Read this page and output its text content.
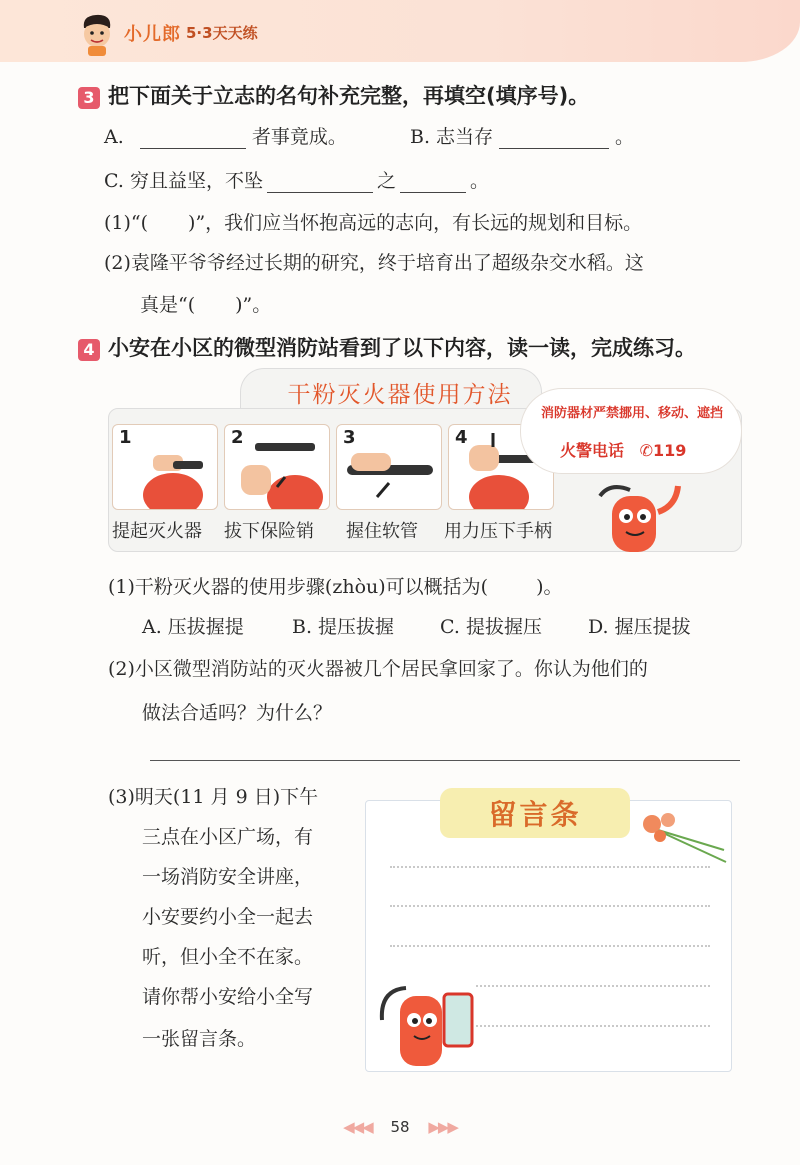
小儿郎 5·3天天练
3 把下面关于立志的名句补充完整，再填空(填序号)。
A.	者事竟成。	B. 志当存	。
C. 穷且益坚，不坠	之	。
(1)“( )”，我们应当怀抱高远的志向，有长远的规划和目标。
(2)袁隆平爷爷经过长期的研究，终于培育出了超级杂交水稻。这
真是“( )”。
4 小安在小区的微型消防站看到了以下内容，读一读，完成练习。
干粉灭火器使用方法
1	2	3	4
提起灭火器 拔下保险销 握住软管 用力压下手柄
消防器材严禁挪用、移动、遮挡
火警电话 ✆119
(1)干粉灭火器的使用步骤(zhòu)可以概括为(	)。
A. 压拔握提	B. 提压拔握 C. 提拔握压 D. 握压提拔
(2)小区微型消防站的灭火器被几个居民拿回家了。你认为他们的
做法合适吗？为什么？
(3)明天(11 月 9 日)下午
三点在小区广场，有
一场消防安全讲座，
小安要约小全一起去
听，但小全不在家。
请你帮小安给小全写
一张留言条。
留言条
◀◀◀ 58 ▶▶▶
